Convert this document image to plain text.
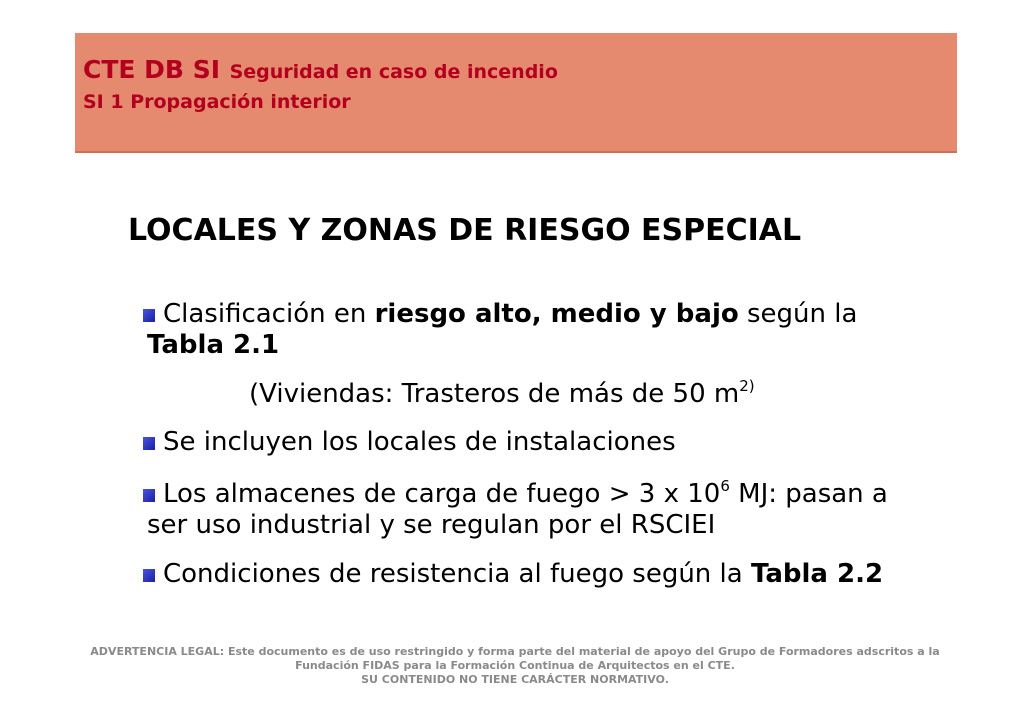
CTE DB SI Seguridad en caso de incendio
SI 1 Propagación interior
LOCALES Y ZONAS DE RIESGO ESPECIAL
Clasificación en riesgo alto, medio y bajo según la
Tabla 2.1
(Viviendas: Trasteros de más de 50 $m^{2)}$
Se incluyen los locales de instalaciones
Los almacenes de carga de fuego > 3 x $10^6$ MJ: pasan a
ser uso industrial y se regulan por el RSCIEI
Condiciones de resistencia al fuego según la Tabla 2.2
ADVERTENCIA LEGAL: Este documento es de uso restringido y forma parte del material de apoyo del Grupo de Formadores adscritos a la
Fundación FIDAS para la Formación Continua de Arquitectos en el CTE.
SU CONTENIDO NO TIENE CARÁCTER NORMATIVO.
